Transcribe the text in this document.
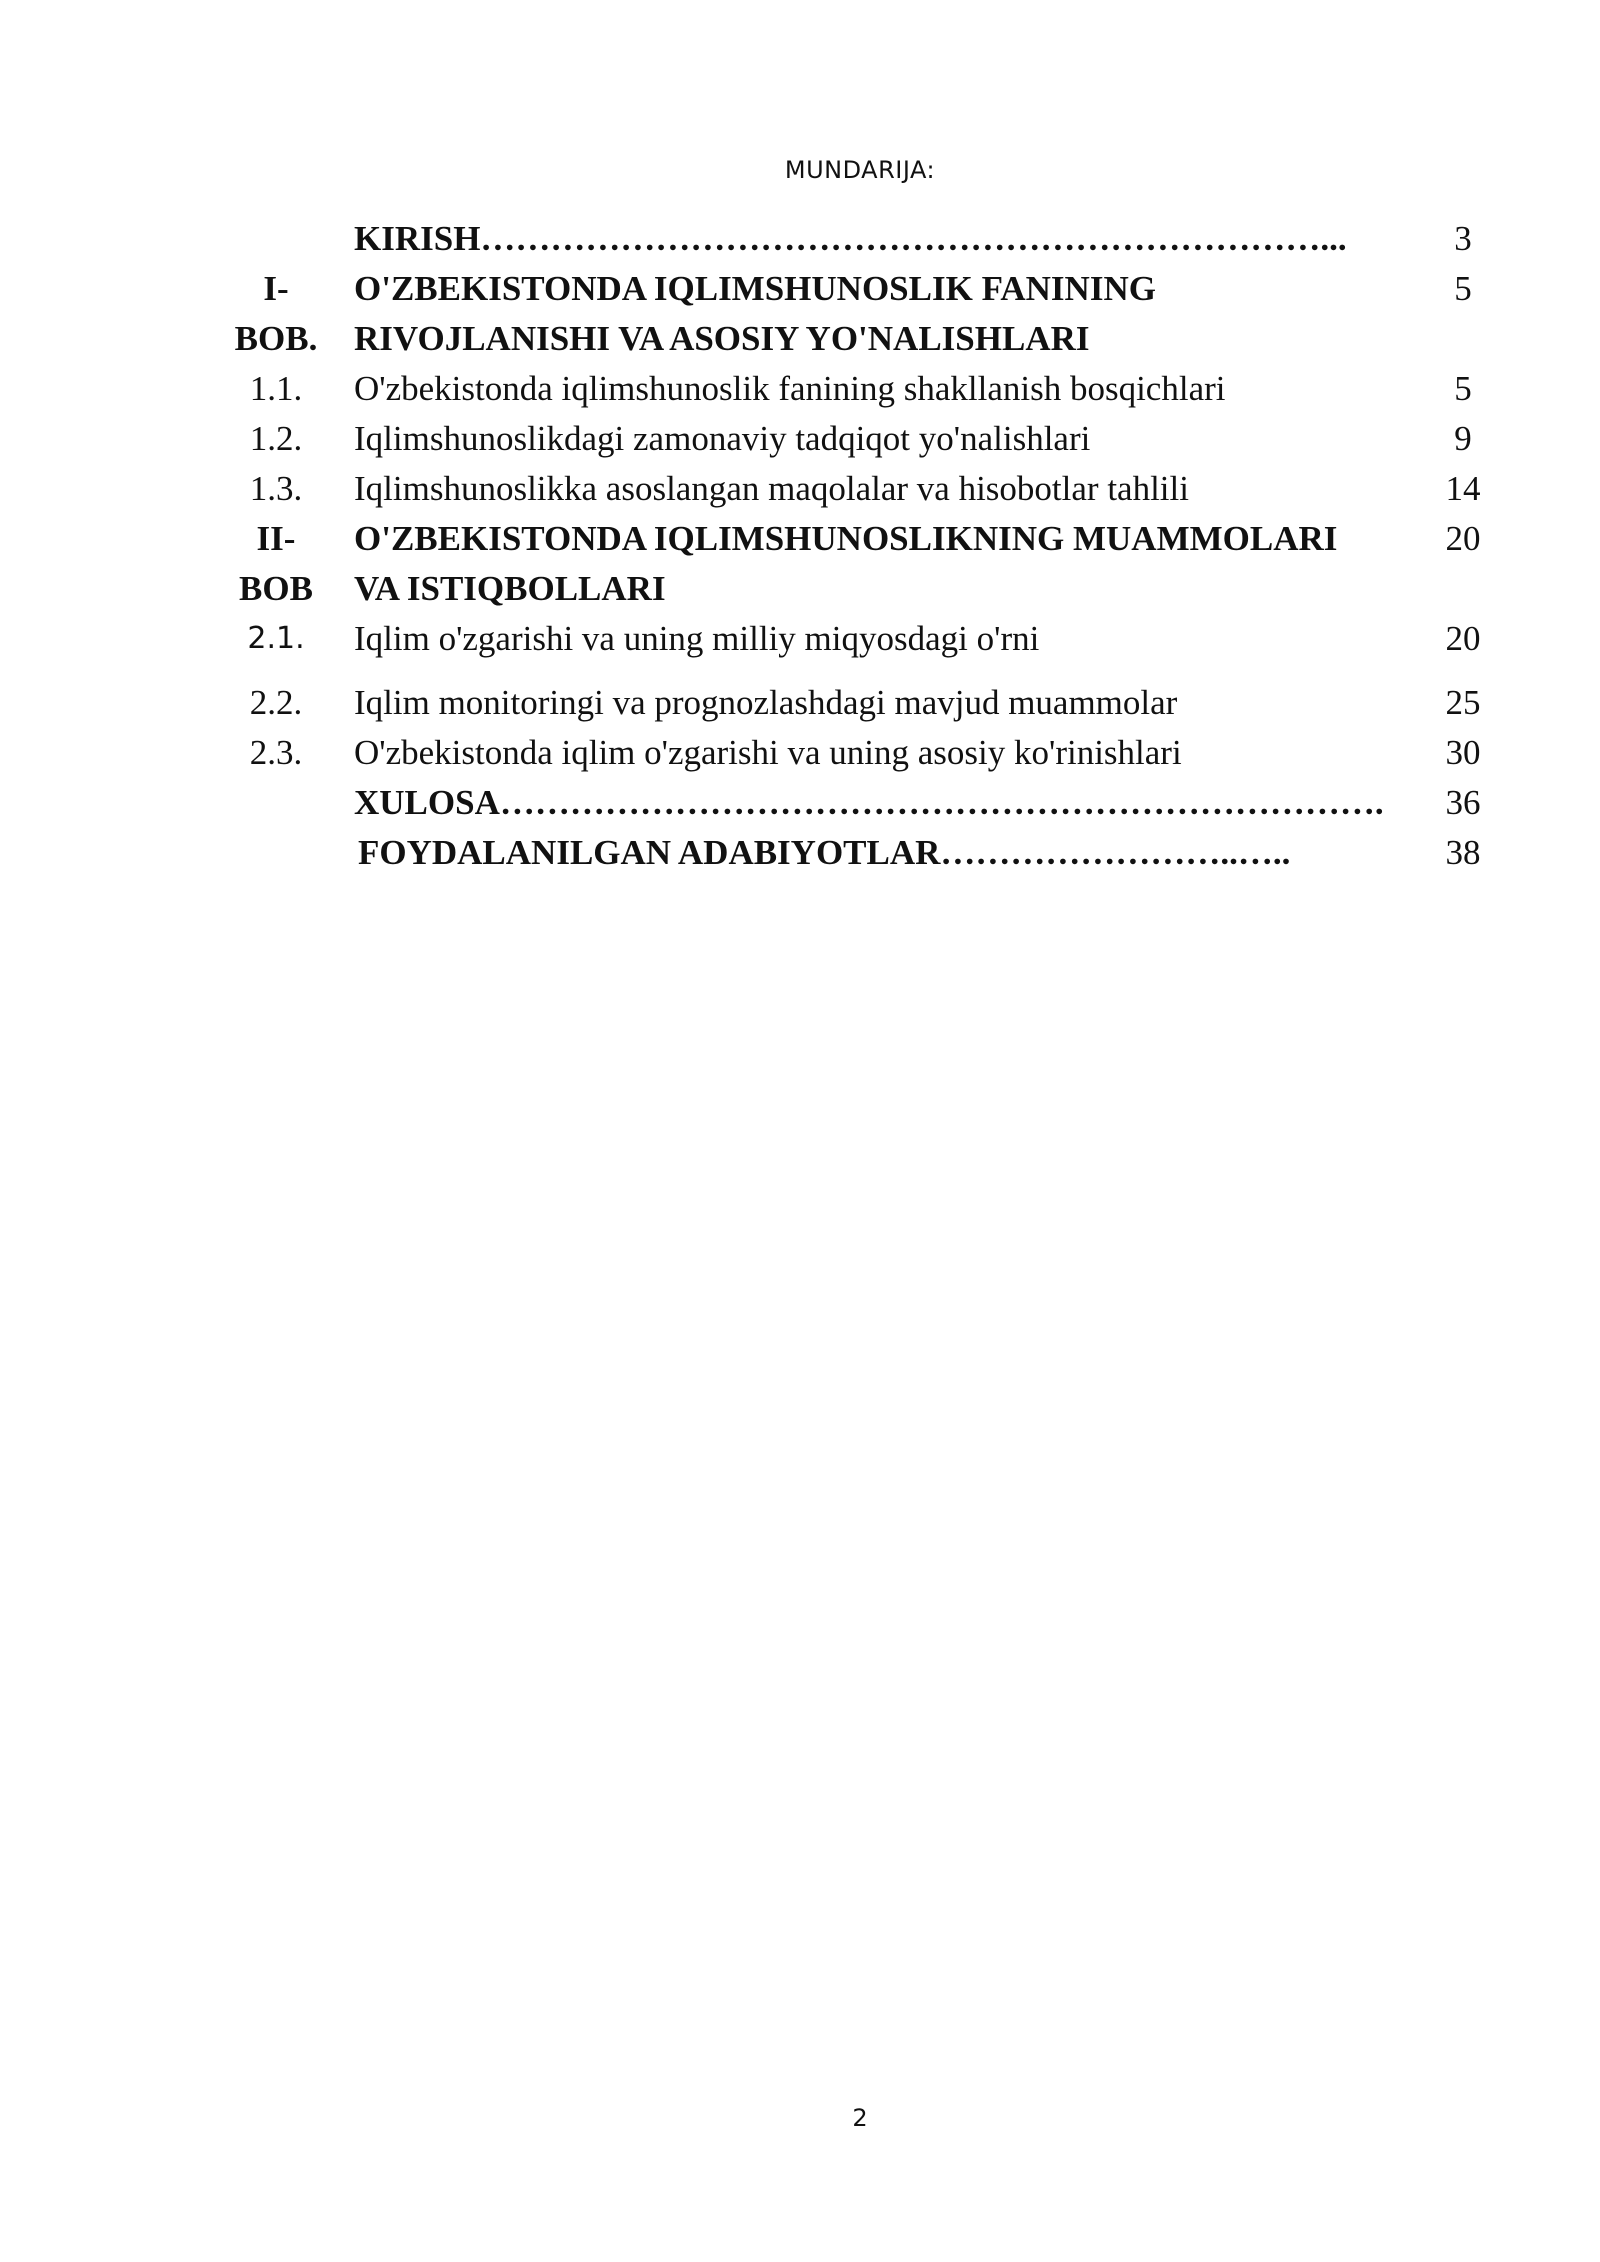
MUNDARIJA:
	KIRISH………………………………………………………………...	3

I-
BOB.	O'ZBEKISTONDA IQLIMSHUNOSLIK FANINING
RIVOJLANISHI VA ASOSIY YO'NALISHLARI	5
1.1.	O'zbekistonda iqlimshunoslik fanining shakllanish bosqichlari	5
1.2.	Iqlimshunoslikdagi zamonaviy tadqiqot yo'nalishlari	9
1.3.	Iqlimshunoslikka asoslangan maqolalar va hisobotlar tahlili	14

II-
BOB	O'ZBEKISTONDA IQLIMSHUNOSLIKNING MUAMMOLARI
VA ISTIQBOLLARI	20
2.1.	Iqlim o'zgarishi va uning milliy miqyosdagi o'rni	20
2.2.	Iqlim monitoringi va prognozlashdagi mavjud muammolar	25
2.3.	O'zbekistonda iqlim o'zgarishi va uning asosiy ko'rinishlari	30
	XULOSA………………………………………………………………….	36
	FOYDALANILGAN ADABIYOTLAR……………………..…..	38
2
